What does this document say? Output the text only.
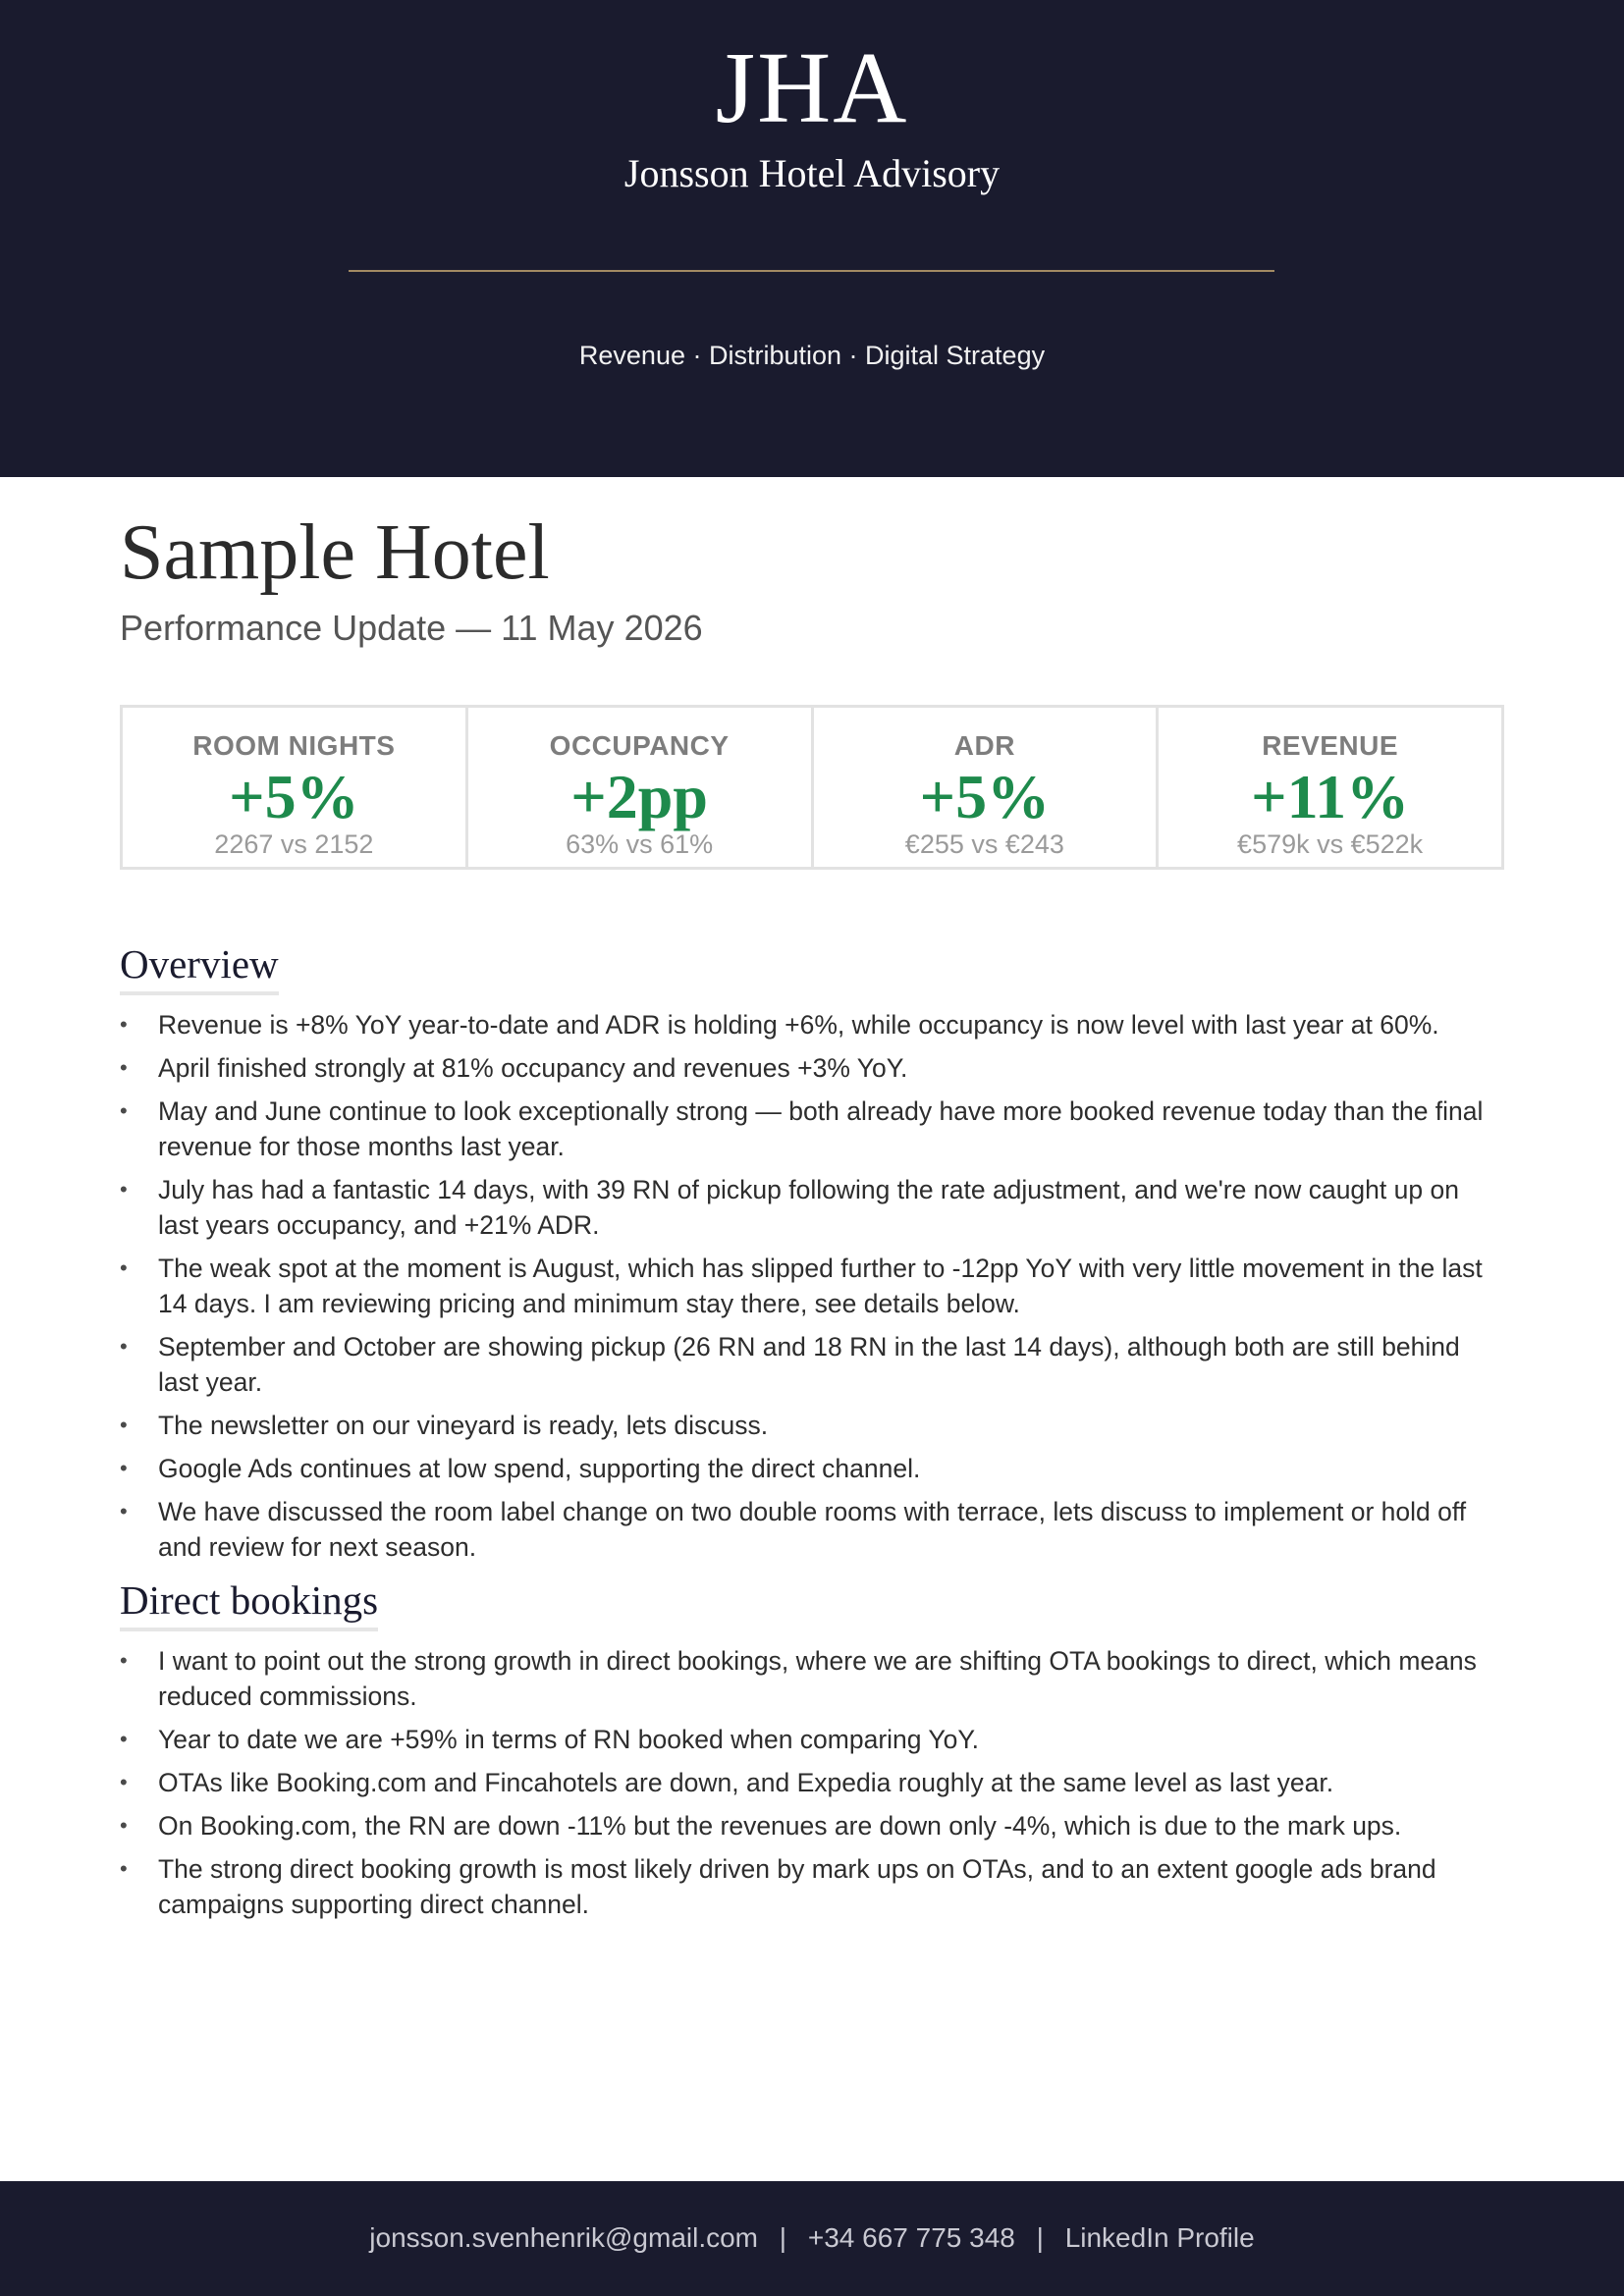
JHA
Jonsson Hotel Advisory
Revenue · Distribution · Digital Strategy
Sample Hotel
Performance Update — 11 May 2026
ROOM NIGHTS
+5%
2267 vs 2152
OCCUPANCY
+2pp
63% vs 61%
ADR
+5%
€255 vs €243
REVENUE
+11%
€579k vs €522k
Overview
• Revenue is +8% YoY year-to-date and ADR is holding +6%, while occupancy is now level with last year at 60%.
• April finished strongly at 81% occupancy and revenues +3% YoY.
• May and June continue to look exceptionally strong — both already have more booked revenue today than the final revenue for those months last year.
• July has had a fantastic 14 days, with 39 RN of pickup following the rate adjustment, and we're now caught up on last years occupancy, and +21% ADR.
• The weak spot at the moment is August, which has slipped further to -12pp YoY with very little movement in the last 14 days. I am reviewing pricing and minimum stay there, see details below.
• September and October are showing pickup (26 RN and 18 RN in the last 14 days), although both are still behind last year.
• The newsletter on our vineyard is ready, lets discuss.
• Google Ads continues at low spend, supporting the direct channel.
• We have discussed the room label change on two double rooms with terrace, lets discuss to implement or hold off and review for next season.
Direct bookings
• I want to point out the strong growth in direct bookings, where we are shifting OTA bookings to direct, which means reduced commissions.
• Year to date we are +59% in terms of RN booked when comparing YoY.
• OTAs like Booking.com and Fincahotels are down, and Expedia roughly at the same level as last year.
• On Booking.com, the RN are down -11% but the revenues are down only -4%, which is due to the mark ups.
• The strong direct booking growth is most likely driven by mark ups on OTAs, and to an extent google ads brand campaigns supporting direct channel.
jonsson.svenhenrik@gmail.com | +34 667 775 348 | LinkedIn Profile
